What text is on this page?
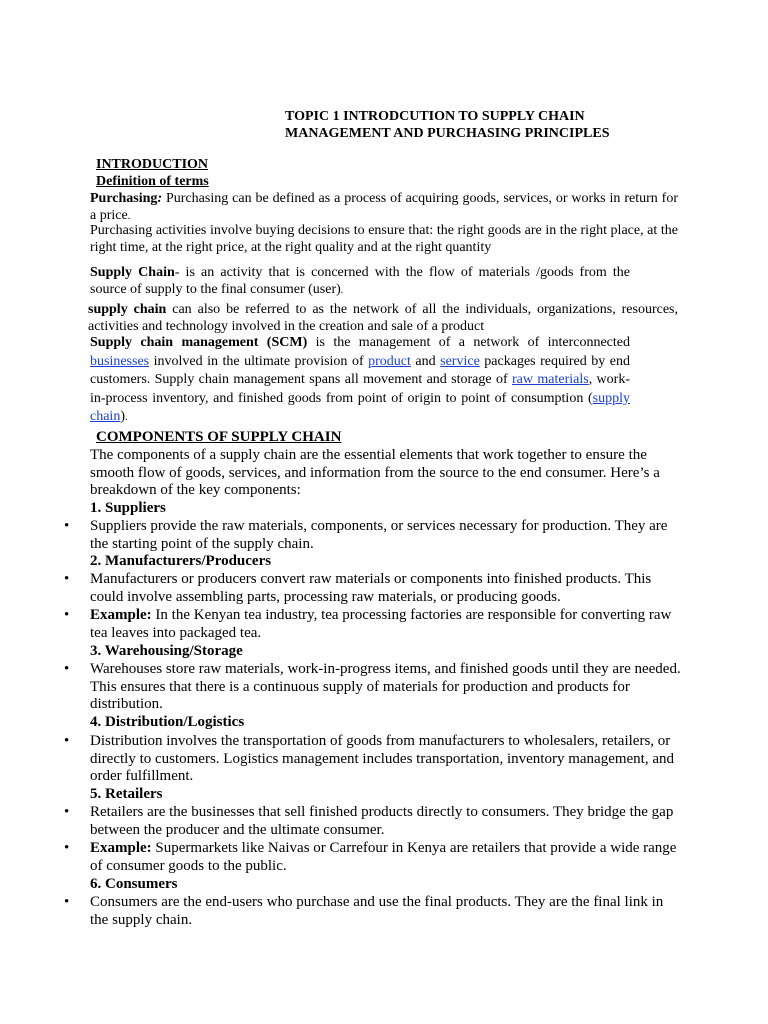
TOPIC 1 INTRODCUTION TO SUPPLY CHAIN
MANAGEMENT AND PURCHASING PRINCIPLES
INTRODUCTION
Definition of terms
Purchasing: Purchasing can be defined as a process of acquiring goods, services, or works in return for a price.
Purchasing activities involve buying decisions to ensure that: the right goods are in the right place, at the right time, at the right price, at the right quality and at the right quantity
Supply Chain- is an activity that is concerned with the flow of materials /goods from the source of supply to the final consumer (user).
supply chain can also be referred to as the network of all the individuals, organizations, resources, activities and technology involved in the creation and sale of a product
Supply chain management (SCM) is the management of a network of interconnected businesses involved in the ultimate provision of product and service packages required by end customers. Supply chain management spans all movement and storage of raw materials, work-in-process inventory, and finished goods from point of origin to point of consumption (supply chain).
COMPONENTS OF SUPPLY CHAIN
The components of a supply chain are the essential elements that work together to ensure the smooth flow of goods, services, and information from the source to the end consumer. Here’s a breakdown of the key components:
1. Suppliers
• Suppliers provide the raw materials, components, or services necessary for production. They are the starting point of the supply chain.
2. Manufacturers/Producers
• Manufacturers or producers convert raw materials or components into finished products. This could involve assembling parts, processing raw materials, or producing goods.
• Example: In the Kenyan tea industry, tea processing factories are responsible for converting raw tea leaves into packaged tea.
3. Warehousing/Storage
• Warehouses store raw materials, work-in-progress items, and finished goods until they are needed. This ensures that there is a continuous supply of materials for production and products for distribution.
4. Distribution/Logistics
• Distribution involves the transportation of goods from manufacturers to wholesalers, retailers, or directly to customers. Logistics management includes transportation, inventory management, and order fulfillment.
5. Retailers
• Retailers are the businesses that sell finished products directly to consumers. They bridge the gap between the producer and the ultimate consumer.
• Example: Supermarkets like Naivas or Carrefour in Kenya are retailers that provide a wide range of consumer goods to the public.
6. Consumers
• Consumers are the end-users who purchase and use the final products. They are the final link in the supply chain.
